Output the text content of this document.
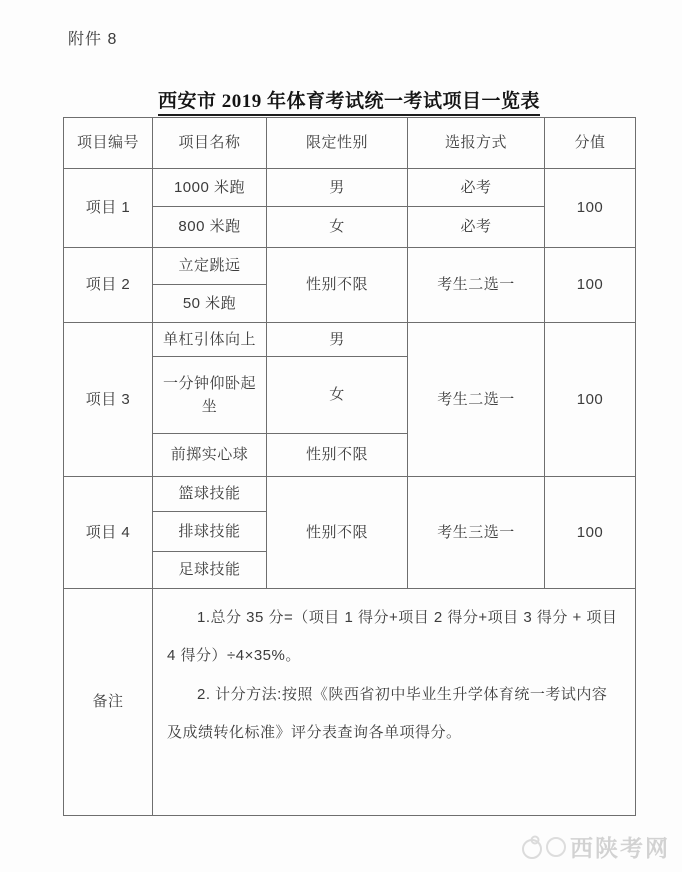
附件 8
西安市 2019 年体育考试统一考试项目一览表
项目编号	项目名称	限定性别	选报方式	分值
项目 1	1000 米跑	男	必考	100
	800 米跑	女	必考	
项目 2	立定跳远	性别不限	考生二选一	100
	50 米跑			
项目 3	单杠引体向上	男	考生二选一	100
	一分钟仰卧起坐	女		
	前掷实心球	性别不限		
项目 4	篮球技能	性别不限	考生三选一	100
	排球技能			
	足球技能			
备注	1.总分 35 分=（项目 1 得分+项目 2 得分+项目 3 得分 + 项目 4 得分）÷4×35%。

2. 计分方法:按照《陕西省初中毕业生升学体育统一考试内容及成绩转化标准》评分表查询各单项得分。			

西陕考网
